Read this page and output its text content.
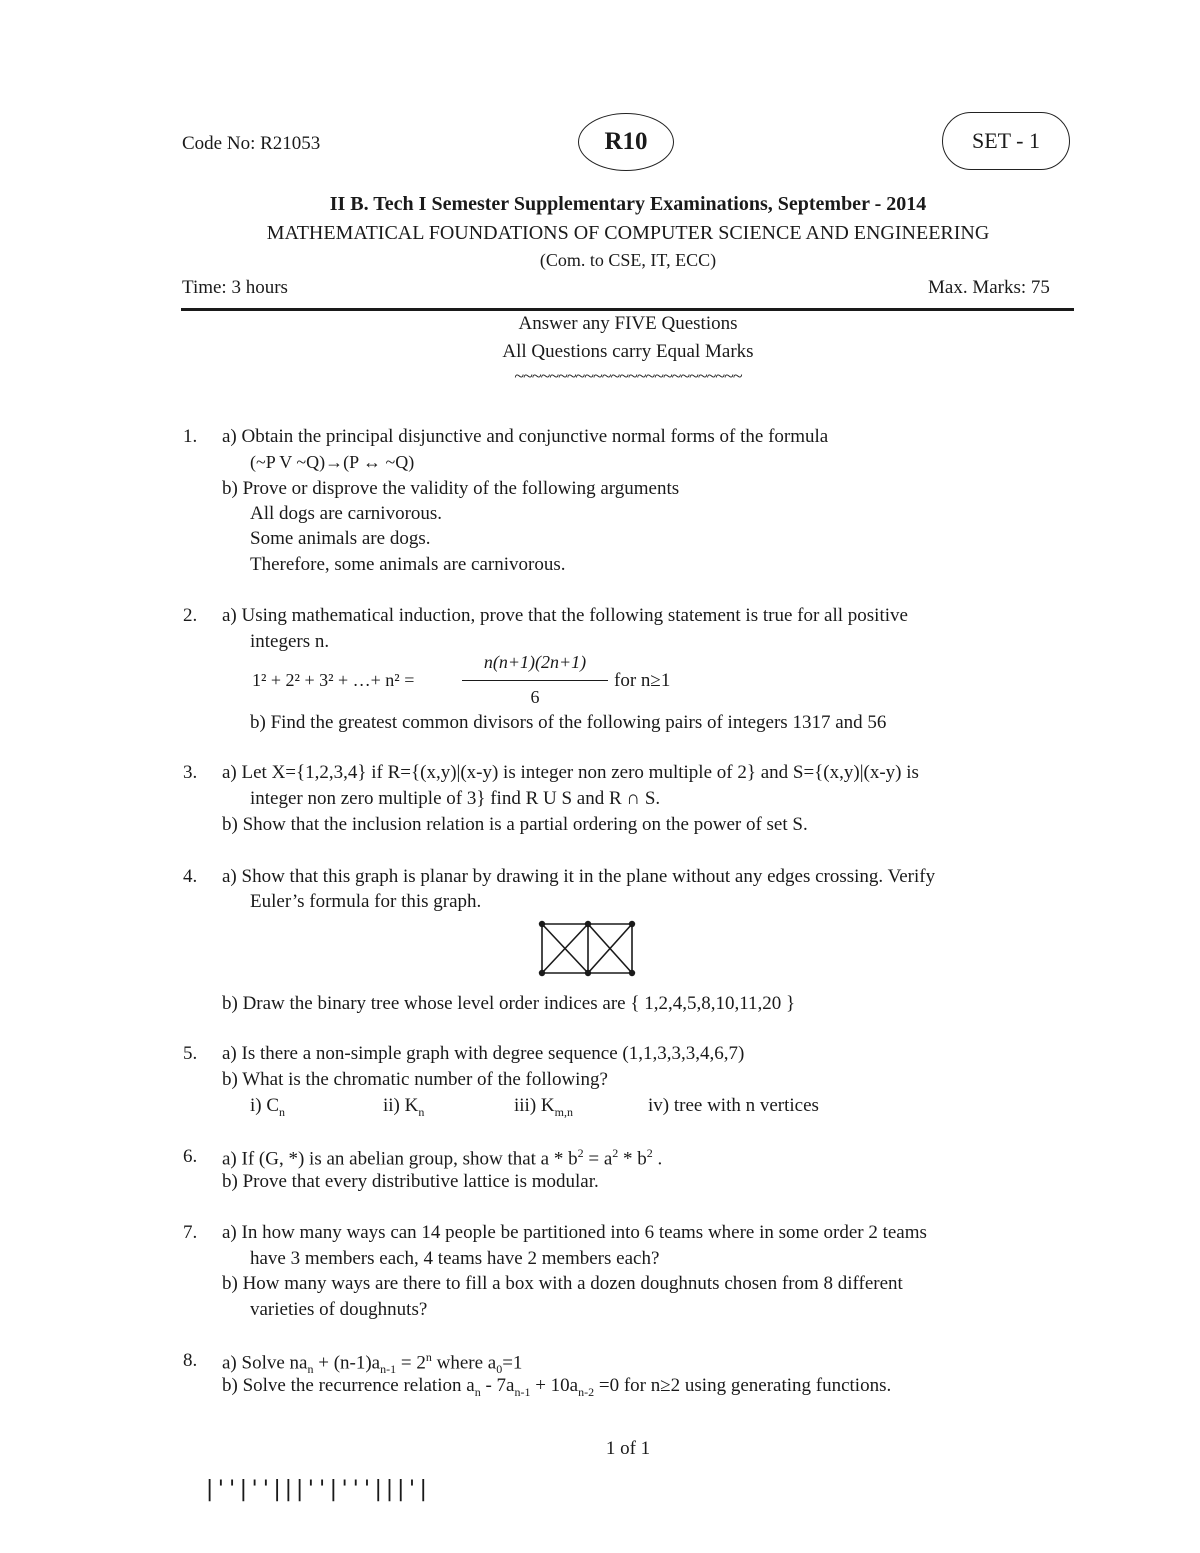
Code No: R21053	R10	SET - 1
II B. Tech I Semester Supplementary Examinations, September - 2014
MATHEMATICAL FOUNDATIONS OF COMPUTER SCIENCE AND ENGINEERING
(Com. to CSE, IT, ECC)
Time: 3 hours	Max. Marks: 75
Answer any FIVE Questions
All Questions carry Equal Marks
~~~~~~~~~~~~~~~~~~~~~~~~~~
1. a) Obtain the principal disjunctive and conjunctive normal forms of the formula
(~P V ~Q)→(P ↔ ~Q)
b) Prove or disprove the validity of the following arguments
All dogs are carnivorous.
Some animals are dogs.
Therefore, some animals are carnivorous.
2. a) Using mathematical induction, prove that the following statement is true for all positive
integers n.
1² + 2² + 3² + …+ n² =
n(n+1)(2n+1)
6
for n≥1
b) Find the greatest common divisors of the following pairs of integers 1317 and 56
3. a) Let X={1,2,3,4} if R={(x,y)|(x-y) is integer non zero multiple of 2} and S={(x,y)|(x-y) is
integer non zero multiple of 3} find R U S and R ∩ S.
b) Show that the inclusion relation is a partial ordering on the power of set S.
4. a) Show that this graph is planar by drawing it in the plane without any edges crossing. Verify
Euler’s formula for this graph.
b) Draw the binary tree whose level order indices are { 1,2,4,5,8,10,11,20 }
5. a) Is there a non-simple graph with degree sequence (1,1,3,3,3,4,6,7)
b) What is the chromatic number of the following?
i) $C_n$	ii) $K_n$	iii) $K_{m,n}$	iv) tree with n vertices
6. a) If (G, *) is an abelian group, show that $a * b^2 = a^2 * b^2$ .
b) Prove that every distributive lattice is modular.
7. a) In how many ways can 14 people be partitioned into 6 teams where in some order 2 teams
have 3 members each, 4 teams have 2 members each?
b) How many ways are there to fill a box with a dozen doughnuts chosen from 8 different
varieties of doughnuts?
8. a) Solve $na_n + (n-1)a_{n-1} = 2^n$ where $a_0=1$
b) Solve the recurrence relation $a_n - 7a_{n-1} + 10a_{n-2} =0$ for n≥2 using generating functions.
1 of 1
|''|''|||''|'''|||'|
